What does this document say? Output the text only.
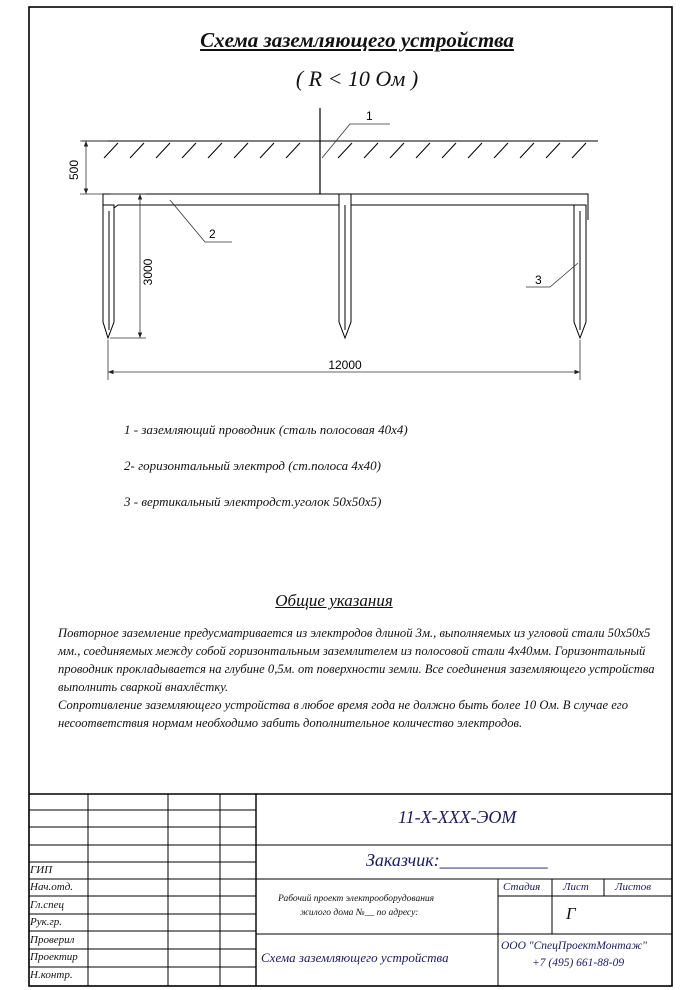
500
3000
12000
1
2
3
Схема заземляющего устройства
( R < 10 Ом )
1 - заземляющий проводник (сталь полосовая 40х4)
2- горизонтальный электрод (ст.полоса 4х40)
3 - вертикальный электродст.уголок 50х50х5)
Общие указания

Повторное заземление предусматривается из электродов длиной 3м., выполняемых из угловой стали 50х50х5 мм., соединяемых между собой горизонтальным заземлителем из полосовой стали 4х40мм. Горизонтальный проводник прокладывается на глубине 0,5м. от поверхности земли. Все соединения заземляющего устройства выполнить сваркой внахлёстку.

Сопротивление заземляющего устройства в любое время года не должно быть более 10 Ом. В случае его несоответствия нормам необходимо забить дополнительное количество электродов.

11-Х-ХХХ-ЭОМ
Заказчик:____________
Рабочий проект электрооборудования
жилого дома №__ по адресу:
Схема заземляющего устройства
Стадия Лист Листов
Г
ООО "СпецПроектМонтаж"
+7 (495) 661-88-09
ГИП
Нач.отд.
Гл.спец
Рук.гр.
Проверил
Проектир
Н.контр.
